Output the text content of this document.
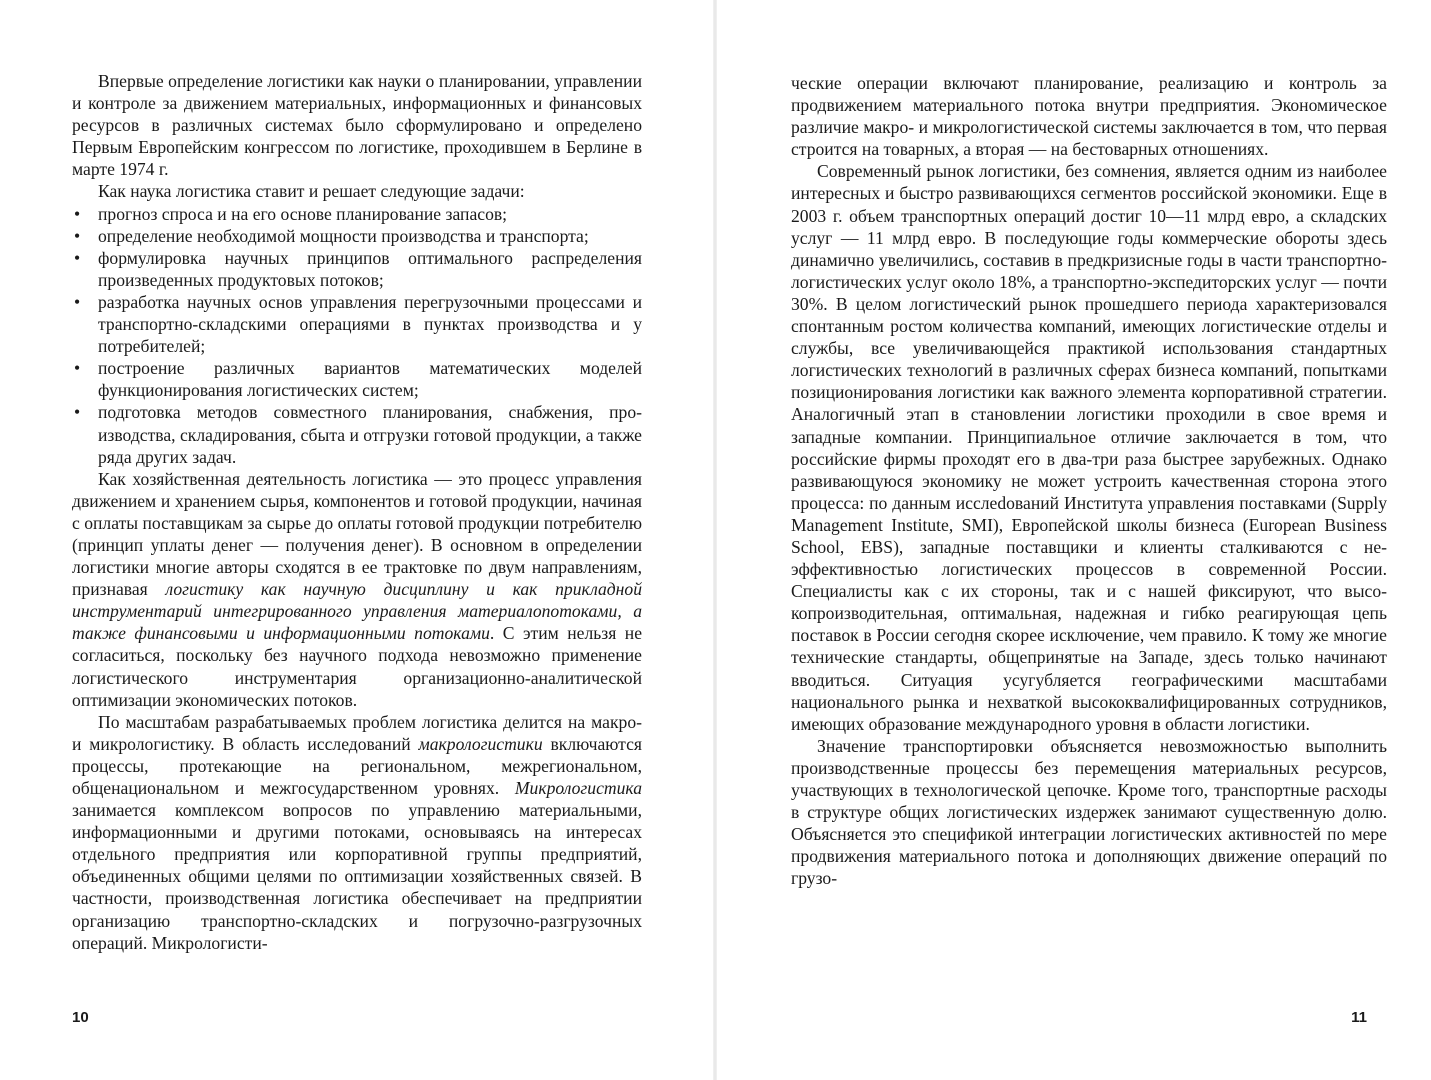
Впервые определение логистики как науки о планировании, управлении и контроле за движением материальных, информационных и финансовых ресурсов в различных системах было сформулировано и определено Первым Европейским конгрессом по логистике, проходившем в Берлине в марте 1974 г.

Как наука логистика ставит и решает следующие задачи:

• прогноз спроса и на его основе планирование запасов;
• определение необходимой мощности производства и транспорта;
• формулировка научных принципов оптимального распределения произведенных продуктовых потоков;
• разработка научных основ управления перегрузочными процессами и транспортно-складскими операциями в пунктах производства и у потребителей;
• построение различных вариантов математических моделей функционирования логистических систем;
• подготовка методов совместного планирования, снабжения, производства, складирования, сбыта и отгрузки готовой продукции, а также ряда других задач.

Как хозяйственная деятельность логистика — это процесс управления движением и хранением сырья, компонентов и готовой продукции, начиная с оплаты поставщикам за сырье до оплаты готовой продукции потребителю (принцип уплаты денег — получения денег). В основном в определении логистики многие авторы сходятся в ее трактовке по двум направлениям, признавая логистику как научную дисциплину и как прикладной инструментарий интегрированного управления материалопотоками, а также финансовыми и информационными потоками. С этим нельзя не согласиться, поскольку без научного подхода невозможно применение логистического инструментария организационно-аналитической оптимизации экономических потоков.

По масштабам разрабатываемых проблем логистика делится на макро- и микрологистику. В область исследований макрологистики включаются процессы, протекающие на региональном, межрегиональном, общенациональном и межгосударственном уровнях. Микрологистика занимается комплексом вопросов по управлению материальными, информационными и другими потоками, основываясь на интересах отдельного предприятия или корпоративной группы предприятий, объединенных общими целями по оптимизации хозяйственных связей. В частности, производственная логистика обеспечивает на предприятии организацию транспортно-складских и погрузочно-разгрузочных операций. Микрологисти-

10

ческие операции включают планирование, реализацию и контроль за продвижением материального потока внутри предприятия. Экономическое различие макро- и микрологистической системы заключается в том, что первая строится на товарных, а вторая — на бестоварных отношениях.

Современный рынок логистики, без сомнения, является одним из наиболее интересных и быстро развивающихся сегментов российской экономики. Еще в 2003 г. объем транспортных операций достиг 10—11 млрд евро, а складских услуг — 11 млрд евро. В последующие годы коммерческие обороты здесь динамично увеличились, составив в предкризисные годы в части транспортно-логистических услуг около 18%, а транспортно-экспедиторских услуг — почти 30%. В целом логистический рынок прошедшего периода характеризовался спонтанным ростом количества компаний, имеющих логистические отделы и службы, все увеличивающейся практикой использования стандартных логистических технологий в различных сферах бизнеса компаний, попытками позиционирования логистики как важного элемента корпоративной стратегии. Аналогичный этап в становлении логистики проходили в свое время и западные компании. Принципиальное отличие заключается в том, что российские фирмы проходят его в два-три раза быстрее зарубежных. Однако развивающуюся экономику не может устроить качественная сторона этого процесса: по данным исслеdований Института управления поставками (Supply Management Institute, SMI), Европейской школы бизнеса (European Business School, EBS), западные поставщики и клиенты сталкиваются с неэффективностью логистических процессов в современной России. Специалисты как с их стороны, так и с нашей фиксируют, что высокопроизводительная, оптимальная, надежная и гибко реагирующая цепь поставок в России сегодня скорее исключение, чем правило. К тому же многие технические стандарты, общепринятые на Западе, здесь только начинают вводиться. Ситуация усугубляется географическими масштабами национального рынка и нехваткой высококвалифицированных сотрудников, имеющих образование международного уровня в области логистики.

Значение транспортировки объясняется невозможностью выполнить производственные процессы без перемещения материальных ресурсов, участвующих в технологической цепочке. Кроме того, транспортные расходы в структуре общих логистических издержек занимают существенную долю. Объясняется это спецификой интеграции логистических активностей по мере продвижения материального потока и дополняющих движение операций по грузо-

11
